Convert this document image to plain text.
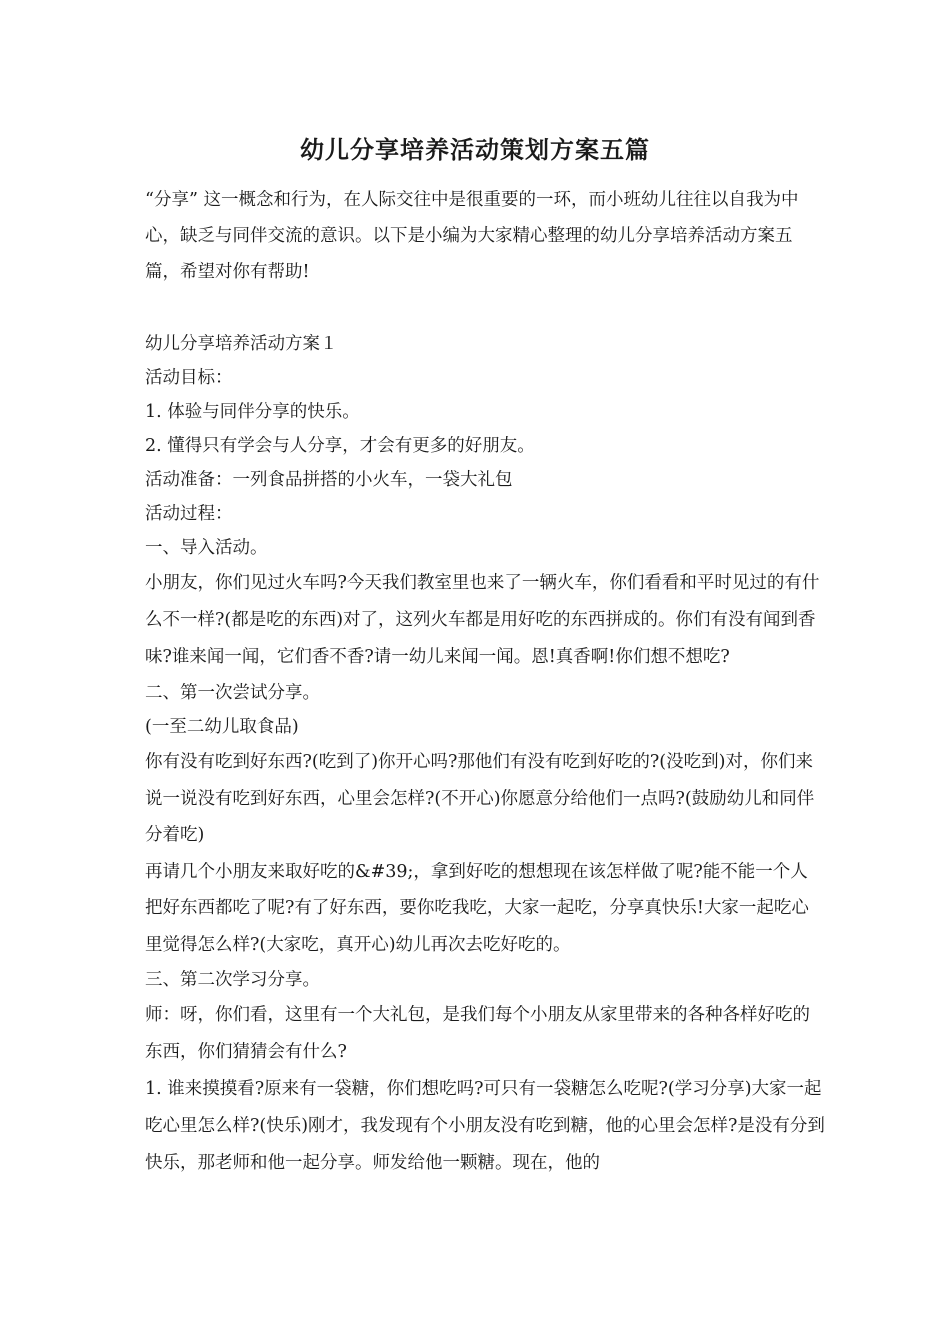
幼儿分享培养活动策划方案五篇

“分享” 这一概念和行为，在人际交往中是很重要的一环，而小班幼儿往往以自我为中心，缺乏与同伴交流的意识。以下是小编为大家精心整理的幼儿分享培养活动方案五篇，希望对你有帮助!

幼儿分享培养活动方案１
活动目标：
1. 体验与同伴分享的快乐。
2. 懂得只有学会与人分享，才会有更多的好朋友。
活动准备：一列食品拼搭的小火车，一袋大礼包
活动过程：
一、导入活动。

小朋友，你们见过火车吗?今天我们教室里也来了一辆火车，你们看看和平时见过的有什么不一样?(都是吃的东西)对了，这列火车都是用好吃的东西拼成的。你们有没有闻到香味?谁来闻一闻，它们香不香?请一幼儿来闻一闻。恩!真香啊!你们想不想吃?

二、第一次尝试分享。
(一至二幼儿取食品)

你有没有吃到好东西?(吃到了)你开心吗?那他们有没有吃到好吃的?(没吃到)对，你们来说一说没有吃到好东西，心里会怎样?(不开心)你愿意分给他们一点吗?(鼓励幼儿和同伴分着吃)

再请几个小朋友来取好吃的&#39;，拿到好吃的想想现在该怎样做了呢?能不能一个人把好东西都吃了呢?有了好东西，要你吃我吃，大家一起吃，分享真快乐!大家一起吃心里觉得怎么样?(大家吃，真开心)幼儿再次去吃好吃的。

三、第二次学习分享。

师：呀，你们看，这里有一个大礼包，是我们每个小朋友从家里带来的各种各样好吃的东西，你们猜猜会有什么?

1. 谁来摸摸看?原来有一袋糖，你们想吃吗?可只有一袋糖怎么吃呢?(学习分享)大家一起吃心里怎么样?(快乐)刚才，我发现有个小朋友没有吃到糖，他的心里会怎样?是没有分到快乐，那老师和他一起分享。师发给他一颗糖。现在，他的
